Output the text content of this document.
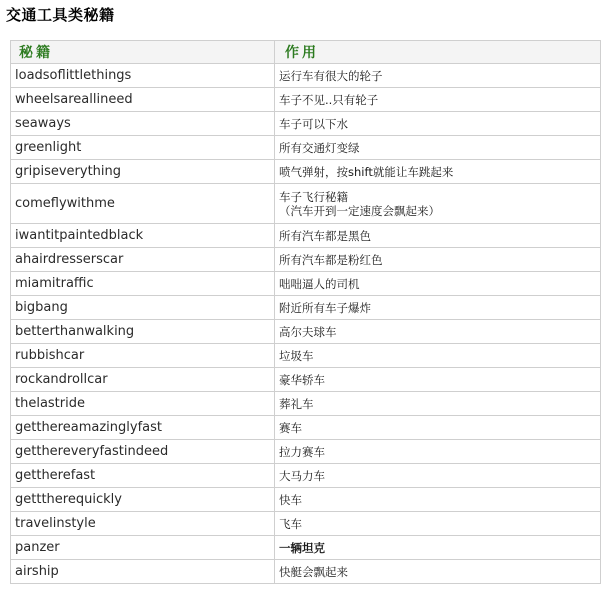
交通工具类秘籍
秘籍	作用
loadsoflittlethings	运行车有很大的轮子
wheelsareallineed	车子不见..只有轮子
seaways	车子可以下水
greenlight	所有交通灯变绿
gripiseverything	喷气弹射，按shift就能让车跳起来
comeflywithme	车子飞行秘籍
（汽车开到一定速度会飘起来）

iwantitpaintedblack	所有汽车都是黑色
ahairdresserscar	所有汽车都是粉红色
miamitraffic	咄咄逼人的司机
bigbang	附近所有车子爆炸
betterthanwalking	高尔夫球车
rubbishcar	垃圾车
rockandrollcar	豪华轿车
thelastride	葬礼车
getthereamazinglyfast	赛车
getthereveryfastindeed	拉力赛车
gettherefast	大马力车
getttherequickly	快车
travelinstyle	飞车
panzer	一辆坦克
airship	快艇会飘起来
